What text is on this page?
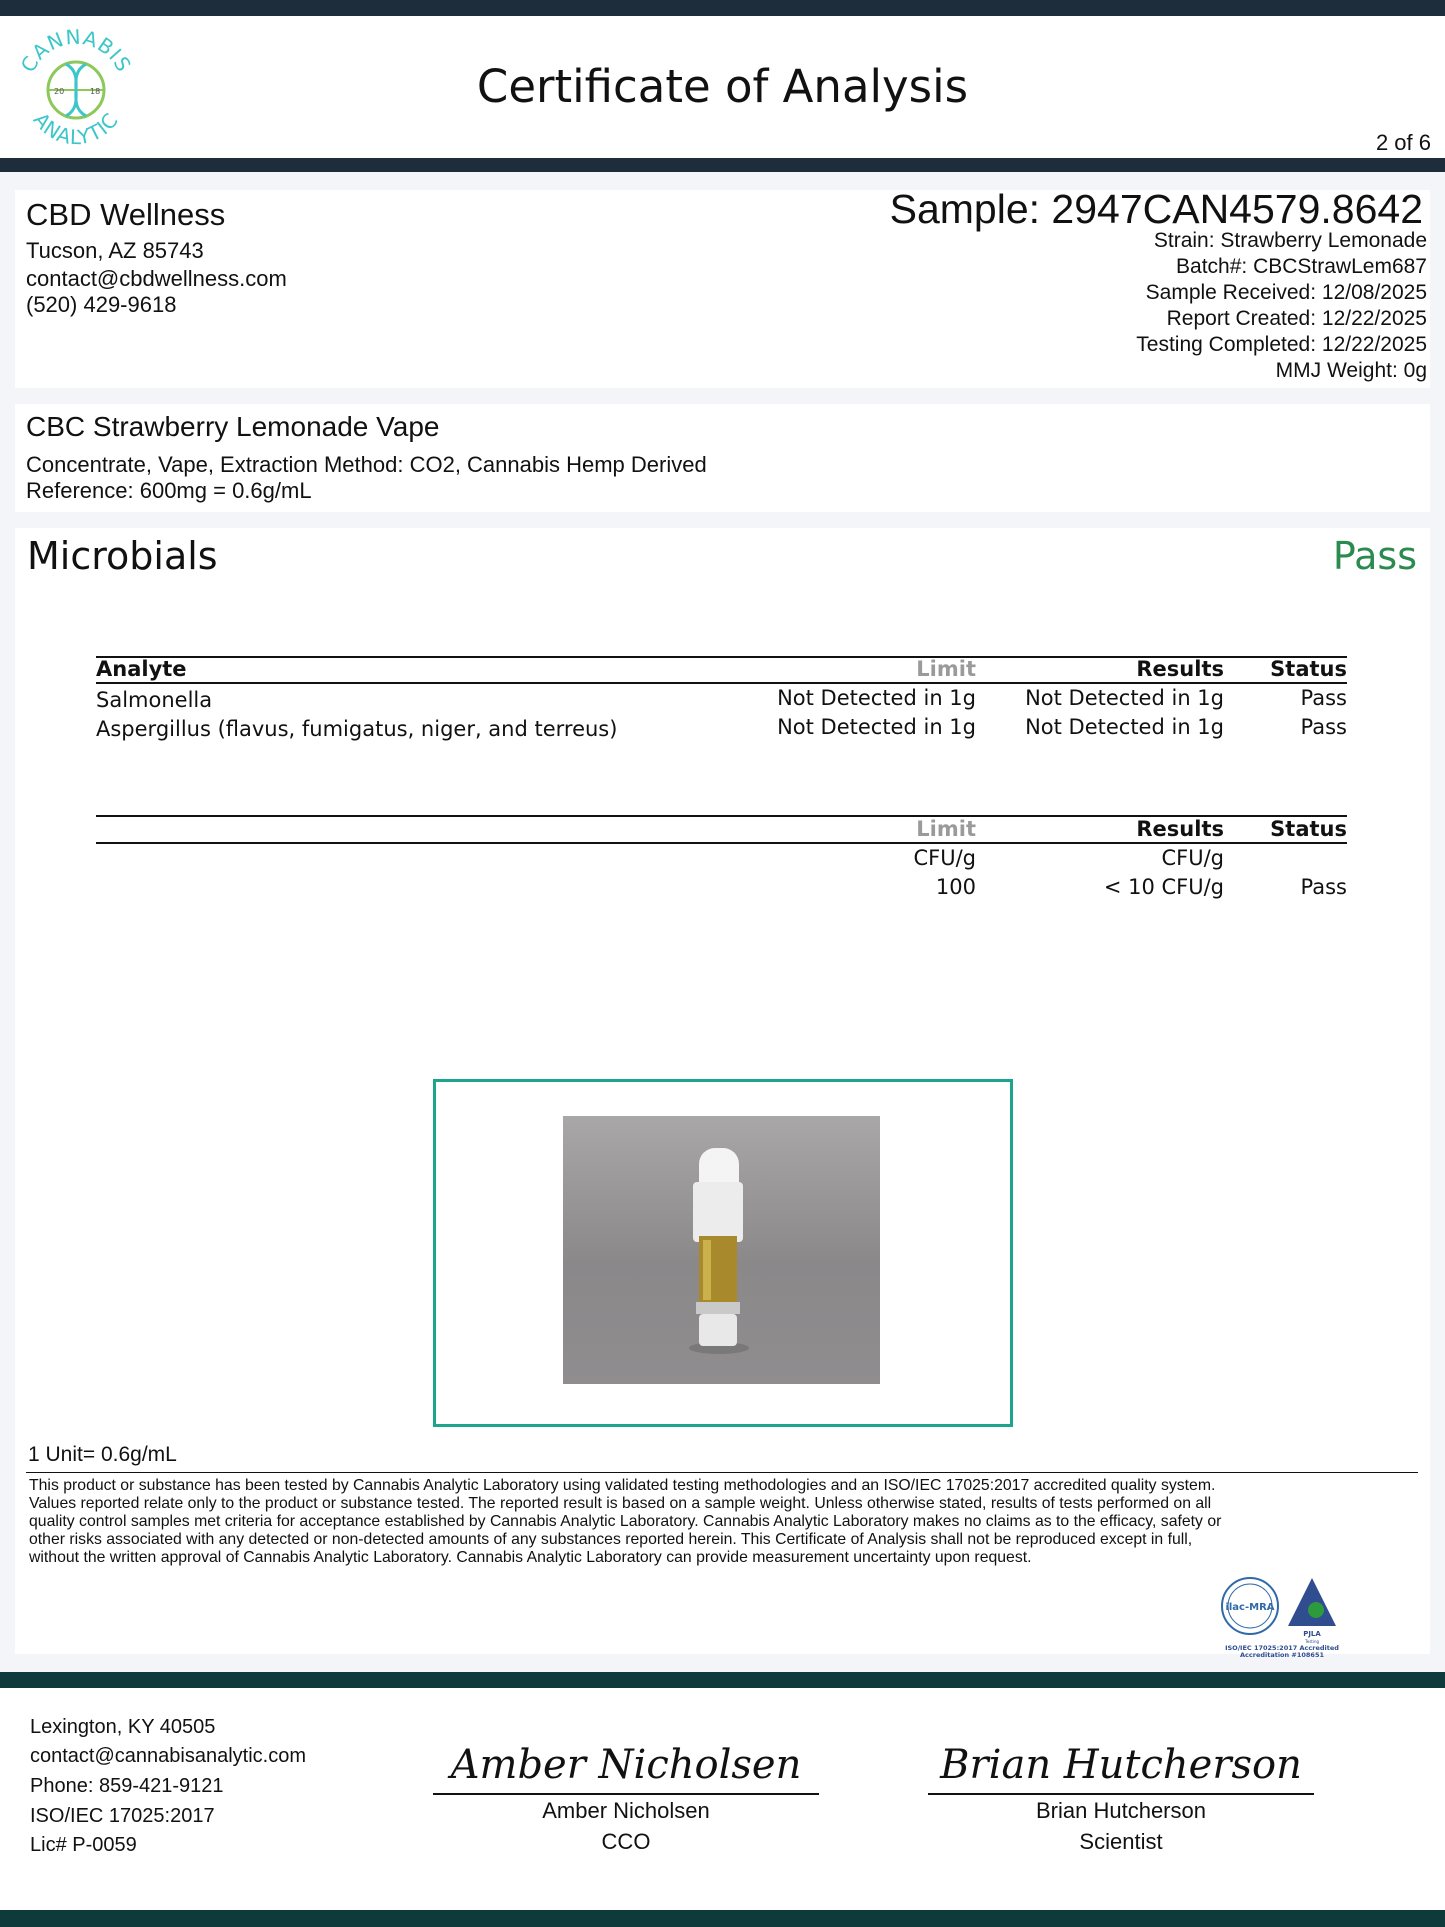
CANNABIS
ANALYTIC
20	18	Certificate of Analysis
2 of 6
CBD Wellness
Tucson, AZ 85743
contact@cbdwellness.com
(520) 429-9618
Sample: 2947CAN4579.8642
Strain: Strawberry Lemonade
Batch#: CBCStrawLem687
Sample Received: 12/08/2025
Report Created: 12/22/2025
Testing Completed: 12/22/2025
MMJ Weight: 0g
CBC Strawberry Lemonade Vape
Concentrate, Vape, Extraction Method: CO2, Cannabis Hemp Derived
Reference: 600mg = 0.6g/mL
Microbials	Pass
Analyte	Limit	Results	Status
Salmonella	Not Detected in 1g	Not Detected in 1g	Pass
Aspergillus (flavus, fumigatus, niger, and terreus)	Not Detected in 1g	Not Detected in 1g	Pass
Limit	Results	Status
CFU/g	CFU/g
100	< 10 CFU/g	Pass
1 Unit= 0.6g/mL
This product or substance has been tested by Cannabis Analytic Laboratory using validated testing methodologies and an ISO/IEC 17025:2017 accredited quality system.
Values reported relate only to the product or substance tested. The reported result is based on a sample weight. Unless otherwise stated, results of tests performed on all
quality control samples met criteria for acceptance established by Cannabis Analytic Laboratory. Cannabis Analytic Laboratory makes no claims as to the efficacy, safety or
other risks associated with any detected or non-detected amounts of any substances reported herein. This Certificate of Analysis shall not be reproduced except in full,
without the written approval of Cannabis Analytic Laboratory. Cannabis Analytic Laboratory can provide measurement uncertainty upon request.
ilac-MRA
PJLA
Testing
ISO/IEC 17025:2017 Accredited
Accreditation #108651
Lexington, KY 40505
contact@cannabisanalytic.com
Phone: 859-421-9121
ISO/IEC 17025:2017
Lic# P-0059
Amber Nicholsen
Amber Nicholsen
CCO
Brian Hutcherson
Brian Hutcherson
Scientist
